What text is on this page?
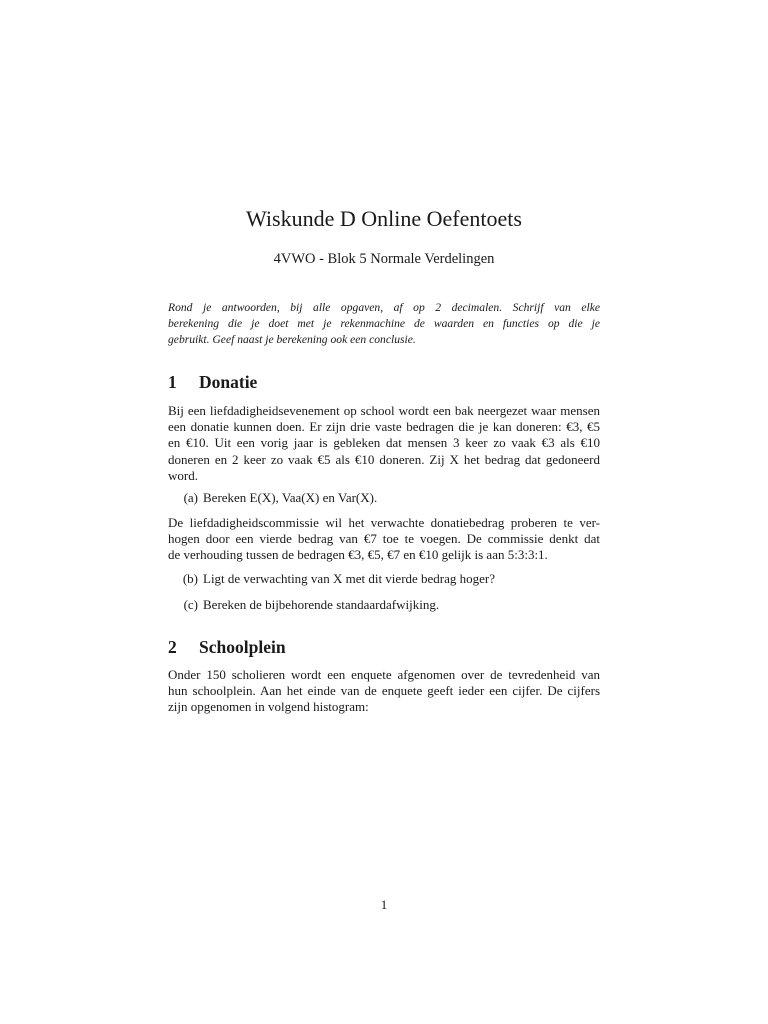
Wiskunde D Online Oefentoets
4VWO - Blok 5 Normale Verdelingen
Rond je antwoorden, bij alle opgaven, af op 2 decimalen. Schrijf van elke
berekening die je doet met je rekenmachine de waarden en functies op die je
gebruikt. Geef naast je berekening ook een conclusie.
1 Donatie
Bij een liefdadigheidsevenement op school wordt een bak neergezet waar mensen
een donatie kunnen doen. Er zijn drie vaste bedragen die je kan doneren: €3, €5
en €10. Uit een vorig jaar is gebleken dat mensen 3 keer zo vaak €3 als €10
doneren en 2 keer zo vaak €5 als €10 doneren. Zij X het bedrag dat gedoneerd
word.
(a) Bereken E(X), Vaa(X) en Var(X).
De liefdadigheidscommissie wil het verwachte donatiebedrag proberen te ver-
hogen door een vierde bedrag van €7 toe te voegen. De commissie denkt dat
de verhouding tussen de bedragen €3, €5, €7 en €10 gelijk is aan 5:3:3:1.
(b) Ligt de verwachting van X met dit vierde bedrag hoger?
(c) Bereken de bijbehorende standaardafwijking.
2 Schoolplein
Onder 150 scholieren wordt een enquete afgenomen over de tevredenheid van
hun schoolplein. Aan het einde van de enquete geeft ieder een cijfer. De cijfers
zijn opgenomen in volgend histogram:
1
